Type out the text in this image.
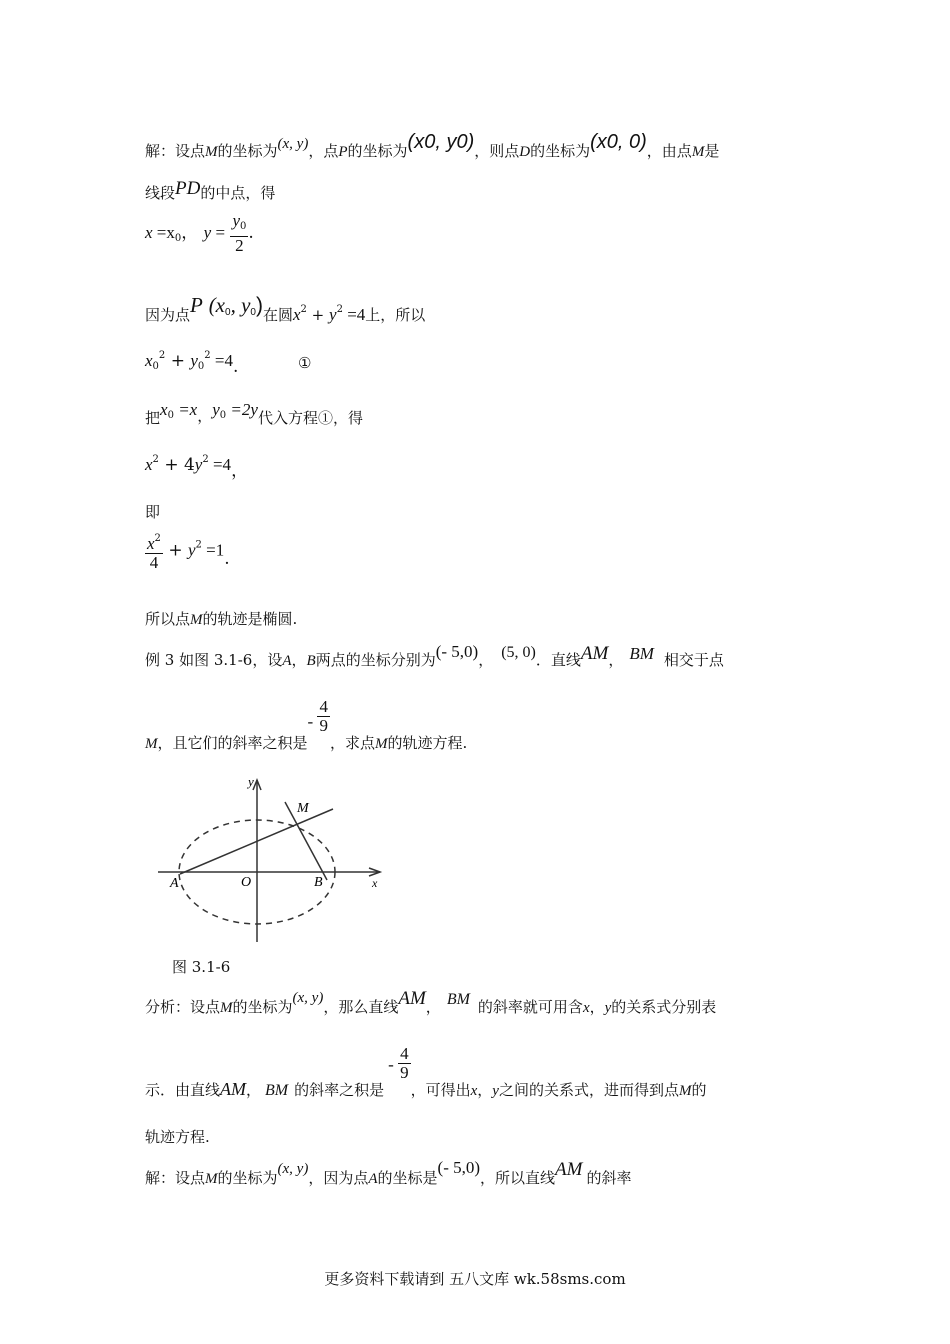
解：设点M的坐标为(x, y)，点P的坐标为(x0, y0)，则点D的坐标为(x0, 0)，由点M是
线段PD的中点，得
$x =x_0$， $y = \frac{y_0}{2}$ .
因为点P ($x_0$, $y_0$)在圆$x^2 + y^2 =4$上，所以
$x_0^2 + y_0^2 =4$.	①
把$x_0 =x$，$y_0 =2y$代入方程①，得
$x^2 + 4y^2 =4$，
即
$\frac{x^2}{4} + y^2 =1$.
所以点M的轨迹是椭圆.
例 3 如图 3.1-6，设A，B两点的坐标分别为(- 5,0)， (5, 0)．直线AM， BM 相交于点
M，且它们的斜率之积是- $\frac{4}{9}$
，求点M的轨迹方程.
y
M
A	O	B	x
图 3.1-6
分析：设点M的坐标为(x, y)，那么直线AM， BM 的斜率就可用含x，y的关系式分别表
示．由直线AM， BM 的斜率之积是- $\frac{4}{9}$
，可得出x，y之间的关系式，进而得到点M的
轨迹方程.
解：设点M的坐标为(x, y)，因为点A的坐标是(- 5,0)，所以直线AM 的斜率
更多资料下载请到 五八文库 wk.58sms.com
